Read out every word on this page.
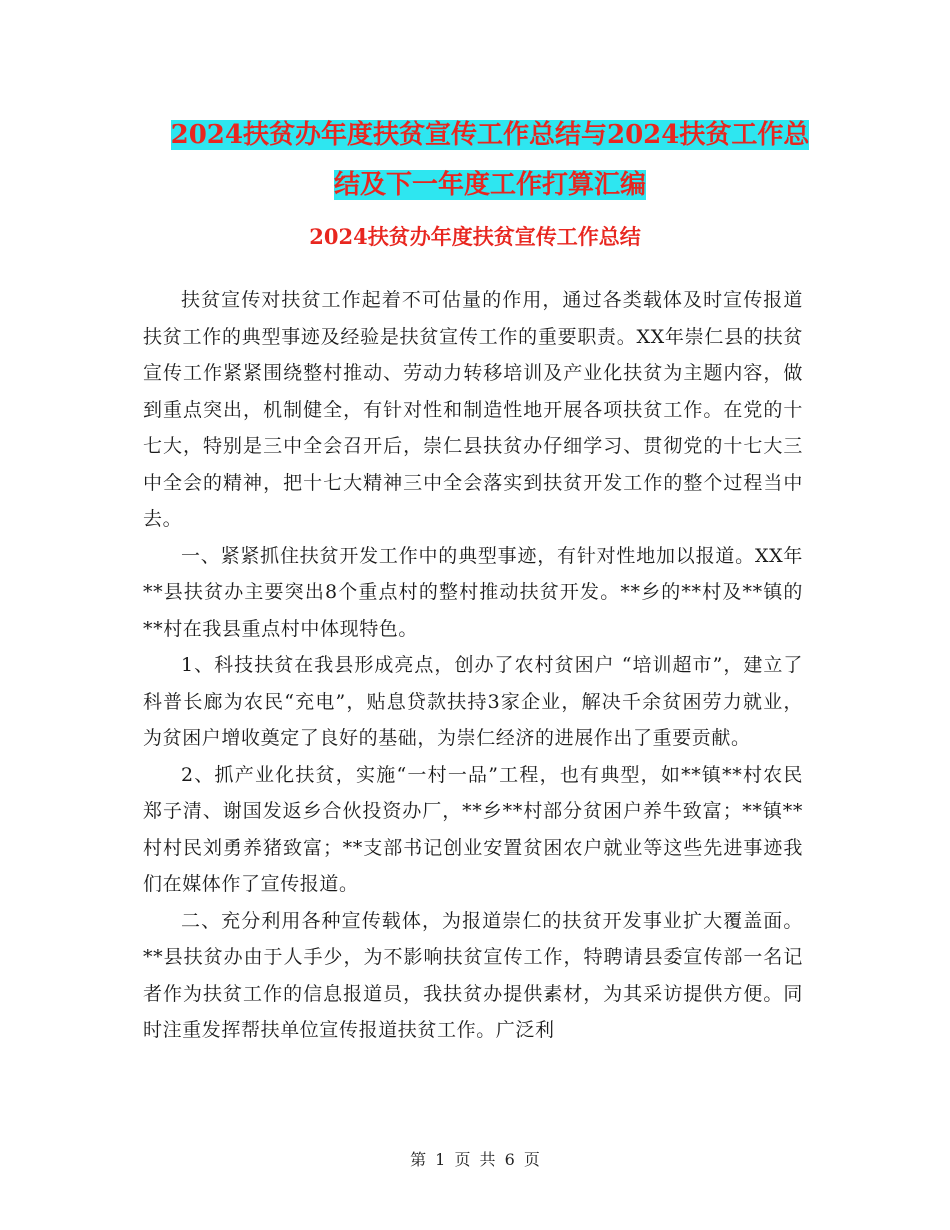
2024扶贫办年度扶贫宣传工作总结与2024扶贫工作总
结及下一年度工作打算汇编
2024扶贫办年度扶贫宣传工作总结

扶贫宣传对扶贫工作起着不可估量的作用，通过各类载体及时宣传报道扶贫工作的典型事迹及经验是扶贫宣传工作的重要职责。XX年崇仁县的扶贫宣传工作紧紧围绕整村推动、劳动力转移培训及产业化扶贫为主题内容，做到重点突出，机制健全，有针对性和制造性地开展各项扶贫工作。在党的十七大，特别是三中全会召开后，崇仁县扶贫办仔细学习、贯彻党的十七大三中全会的精神，把十七大精神三中全会落实到扶贫开发工作的整个过程当中去。

一、紧紧抓住扶贫开发工作中的典型事迹，有针对性地加以报道。XX年**县扶贫办主要突出8个重点村的整村推动扶贫开发。**乡的**村及**镇的**村在我县重点村中体现特色。

1、科技扶贫在我县形成亮点，创办了农村贫困户 “培训超市”，建立了科普长廊为农民“充电”，贴息贷款扶持3家企业，解决千余贫困劳力就业，为贫困户增收奠定了良好的基础，为崇仁经济的进展作出了重要贡献。

2、抓产业化扶贫，实施“一村一品”工程，也有典型，如**镇**村农民郑子清、谢国发返乡合伙投资办厂，**乡**村部分贫困户养牛致富；**镇**村村民刘勇养猪致富；**支部书记创业安置贫困农户就业等这些先进事迹我们在媒体作了宣传报道。

二、充分利用各种宣传载体，为报道崇仁的扶贫开发事业扩大覆盖面。**县扶贫办由于人手少，为不影响扶贫宣传工作，特聘请县委宣传部一名记者作为扶贫工作的信息报道员，我扶贫办提供素材，为其采访提供方便。同时注重发挥帮扶单位宣传报道扶贫工作。广泛利

第 1 页 共 6 页
